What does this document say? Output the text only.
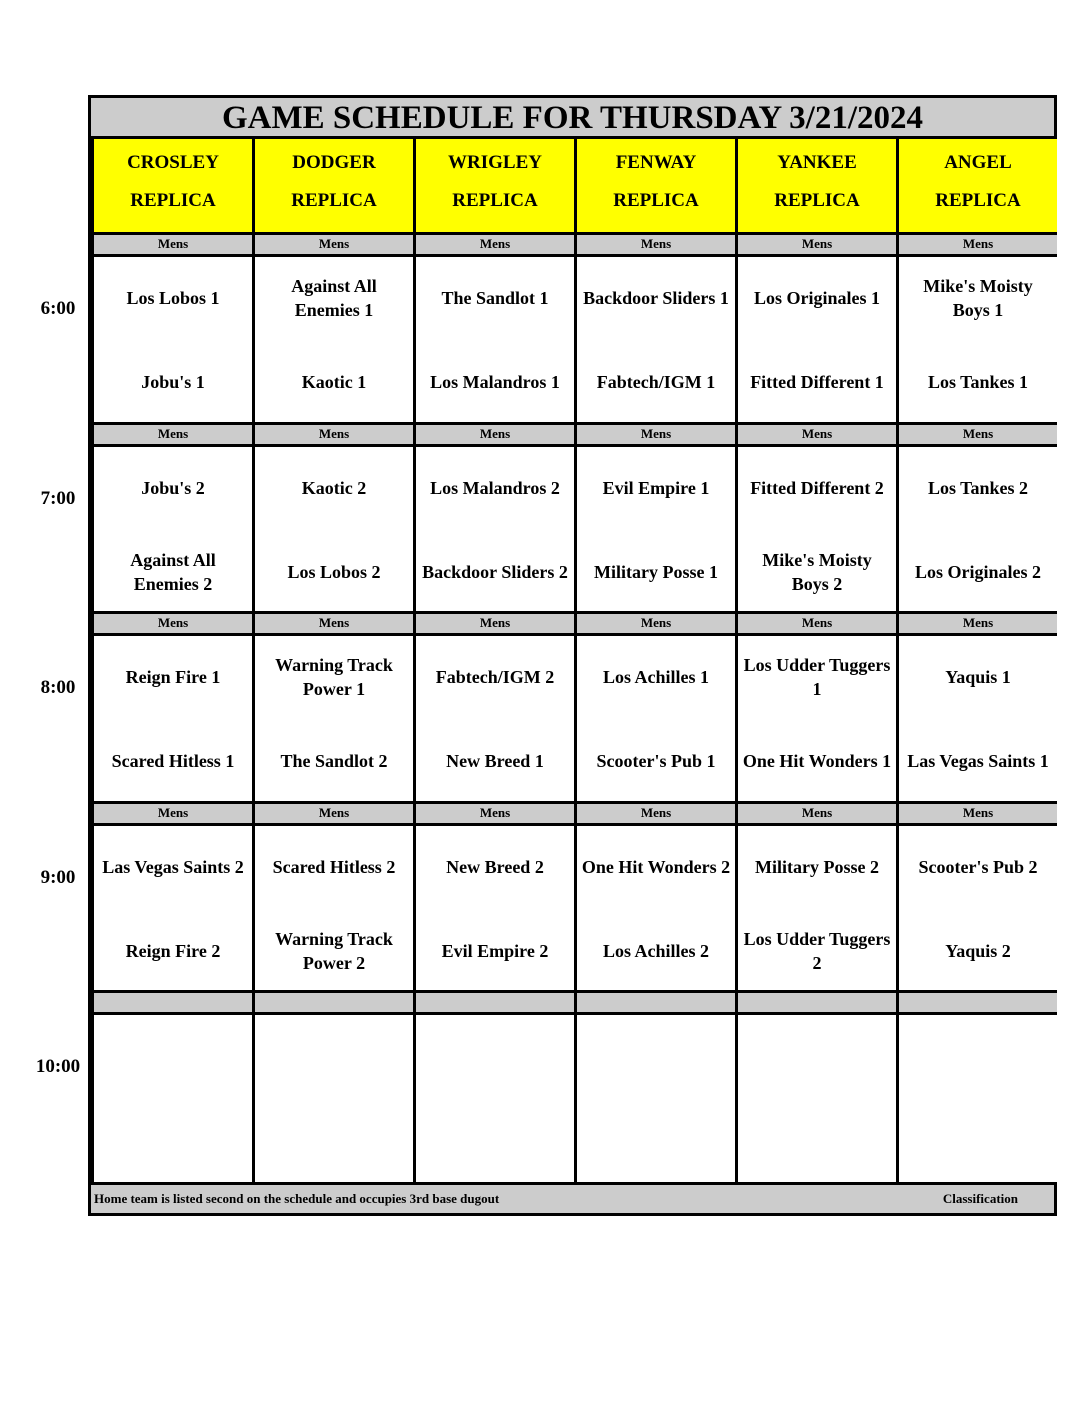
GAME SCHEDULE FOR THURSDAY 3/21/2024
CROSLEY
REPLICA
DODGER
REPLICA
WRIGLEY
REPLICA
FENWAY
REPLICA
YANKEE
REPLICA
ANGEL
REPLICA
Mens
Los Lobos 1
Jobu's 1
Mens
Against All Enemies 1
Kaotic 1
Mens
The Sandlot 1
Los Malandros 1
Mens
Backdoor Sliders 1
Fabtech/IGM 1
Mens
Los Originales 1
Fitted Different 1
Mens
Mike's Moisty Boys 1
Los Tankes 1
Mens
Jobu's 2
Against All Enemies 2
Mens
Kaotic 2
Los Lobos 2
Mens
Los Malandros 2
Backdoor Sliders 2
Mens
Evil Empire 1
Military Posse 1
Mens
Fitted Different 2
Mike's Moisty Boys 2
Mens
Los Tankes 2
Los Originales 2
Mens
Reign Fire 1
Scared Hitless 1
Mens
Warning Track Power 1
The Sandlot 2
Mens
Fabtech/IGM 2
New Breed 1
Mens
Los Achilles 1
Scooter's Pub 1
Mens
Los Udder Tuggers 1
One Hit Wonders 1
Mens
Yaquis 1
Las Vegas Saints 1
Mens
Las Vegas Saints 2
Reign Fire 2
Mens
Scared Hitless 2
Warning Track Power 2
Mens
New Breed 2
Evil Empire 2
Mens
One Hit Wonders 2
Los Achilles 2
Mens
Military Posse 2
Los Udder Tuggers 2
Mens
Scooter's Pub 2
Yaquis 2
Home team is listed second on the schedule and occupies 3rd base dugout	Classification
6:00
7:00
8:00
9:00
10:00
